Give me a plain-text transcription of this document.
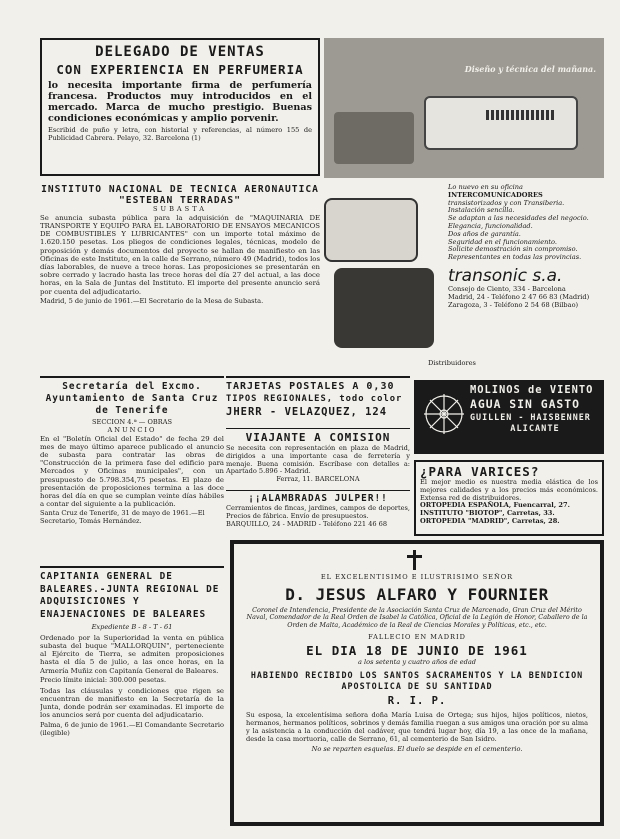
DELEGADO DE VENTAS
CON EXPERIENCIA EN PERFUMERIA
lo necesita importante firma de perfumería francesa. Productos muy introducidos en el mercado. Marca de mucho prestigio. Buenas condiciones económicas y amplio porvenir.
Escribid de puño y letra, con historial y referencias, al número 155 de Publicidad Cabrera. Pelayo, 32. Barcelona (1)
Diseño y técnica del mañana.
Lo nuevo en su oficina
INTERCOMUNICADORES
transistorizados y con Transiberia.
Instalación sencilla.
Se adaptan a las necesidades del negocio.
Elegancia, funcionalidad.
Dos años de garantía.
Seguridad en el funcionamiento.
Solicite demostración sin compromiso.
Representantes en todas las provincias.
transonic s.a.
Consejo de Ciento, 334 - Barcelona
Madrid, 24 - Teléfono 2 47 66 83 (Madrid)
Zaragoza, 3 - Teléfono 2 54 68 (Bilbao)
Distribuidores
INSTITUTO NACIONAL DE TECNICA AERONAUTICA "ESTEBAN TERRADAS"
SUBASTA
Se anuncia subasta pública para la adquisición de "MAQUINARIA DE TRANSPORTE Y EQUIPO PARA EL LABORATORIO DE ENSAYOS MECANICOS DE COMBUSTIBLES Y LUBRICANTES" con un importe total máximo de 1.620.150 pesetas. Los pliegos de condiciones legales, técnicas, modelo de proposición y demás documentos del proyecto se hallan de manifiesto en las Oficinas de este Instituto, en la calle de Serrano, número 49 (Madrid), todos los días laborables, de nueve a trece horas. Las proposiciones se presentarán en sobre cerrado y lacrado hasta las trece horas del día 27 del actual, a las doce horas, en la Sala de Juntas del Instituto. El importe del presente anuncio será por cuenta del adjudicatario.
Madrid, 5 de junio de 1961.—El Secretario de la Mesa de Subasta.
Secretaría del Excmo. Ayuntamiento de Santa Cruz de Tenerife
SECCION 4.ª — OBRAS
ANUNCIO
En el "Boletín Oficial del Estado" de fecha 29 del mes de mayo último aparece publicado el anuncio de subasta para contratar las obras de "Construcción de la primera fase del edificio para Mercados y Oficinas municipales", con un presupuesto de 5.798.354,75 pesetas. El plazo de presentación de proposiciones termina a las doce horas del día en que se cumplan veinte días hábiles a contar del siguiente a la publicación.
Santa Cruz de Tenerife, 31 de mayo de 1961.—El Secretario, Tomás Hernández.
TARJETAS POSTALES A 0,30
TIPOS REGIONALES, todo color
JHERR - VELAZQUEZ, 124
VIAJANTE A COMISION
Se necesita con representación en plaza de Madrid, dirigidos a una importante casa de ferretería y menaje. Buena comisión. Escríbase con detalles a: Apartado 5.896 - Madrid.
Ferraz, 11. BARCELONA
¡¡ALAMBRADAS JULPER!!
Cerramientos de fincas, jardines, campos de deportes, Precios de fábrica. Envío de presupuestos.
BARQUILLO, 24 - MADRID - Teléfono 221 46 68
MOLINOS de VIENTO
AGUA SIN GASTO
GUILLEN - HAISBENNER
ALICANTE
¿PARA VARICES?
El mejor medio es nuestra media elástica de los mejores calidades y a los precios más económicos. Extensa red de distribuidores.
ORTOPEDIA ESPAÑOLA, Fuencarral, 27.
INSTITUTO "BIOTOP", Carretas, 33.
ORTOPEDIA "MADRID", Carretas, 28.
CAPITANIA GENERAL DE BALEARES.-JUNTA REGIONAL DE ADQUISICIONES Y ENAJENACIONES DE BALEARES
Expediente B - 8 - T - 61
Ordenado por la Superioridad la venta en pública subasta del buque "MALLORQUIN", perteneciente al Ejército de Tierra, se admiten proposiciones hasta el día 5 de julio, a las once horas, en la Armería Muñiz con Capitanía General de Baleares.
Precio límite inicial: 300.000 pesetas.
Todas las cláusulas y condiciones que rigen se encuentran de manifiesto en la Secretaría de la Junta, donde podrán ser examinadas. El importe de los anuncios será por cuenta del adjudicatario.
Palma, 6 de junio de 1961.—El Comandante Secretario (ilegible)
EL EXCELENTISIMO E ILUSTRISIMO SEÑOR
D. JESUS ALFARO Y FOURNIER
Coronel de Intendencia, Presidente de la Asociación Santa Cruz de Marcenado, Gran Cruz del Mérito Naval, Comendador de la Real Orden de Isabel la Católica, Oficial de la Legión de Honor, Caballero de la Orden de Malta, Académico de la Real de Ciencias Morales y Políticas, etc., etc.
FALLECIO EN MADRID
EL DIA 18 DE JUNIO DE 1961
a los setenta y cuatro años de edad
HABIENDO RECIBIDO LOS SANTOS SACRAMENTOS Y LA BENDICION APOSTOLICA DE SU SANTIDAD
R. I. P.
Su esposa, la excelentísima señora doña María Luisa de Ortega; sus hijos, hijos políticos, nietos, hermanos, hermanos políticos, sobrinos y demás familia ruegan a sus amigos una oración por su alma y la asistencia a la conducción del cadáver, que tendrá lugar hoy, día 19, a las once de la mañana, desde la casa mortuoria, calle de Serrano, 61, al cementerio de San Isidro.
No se reparten esquelas. El duelo se despide en el cementerio.
